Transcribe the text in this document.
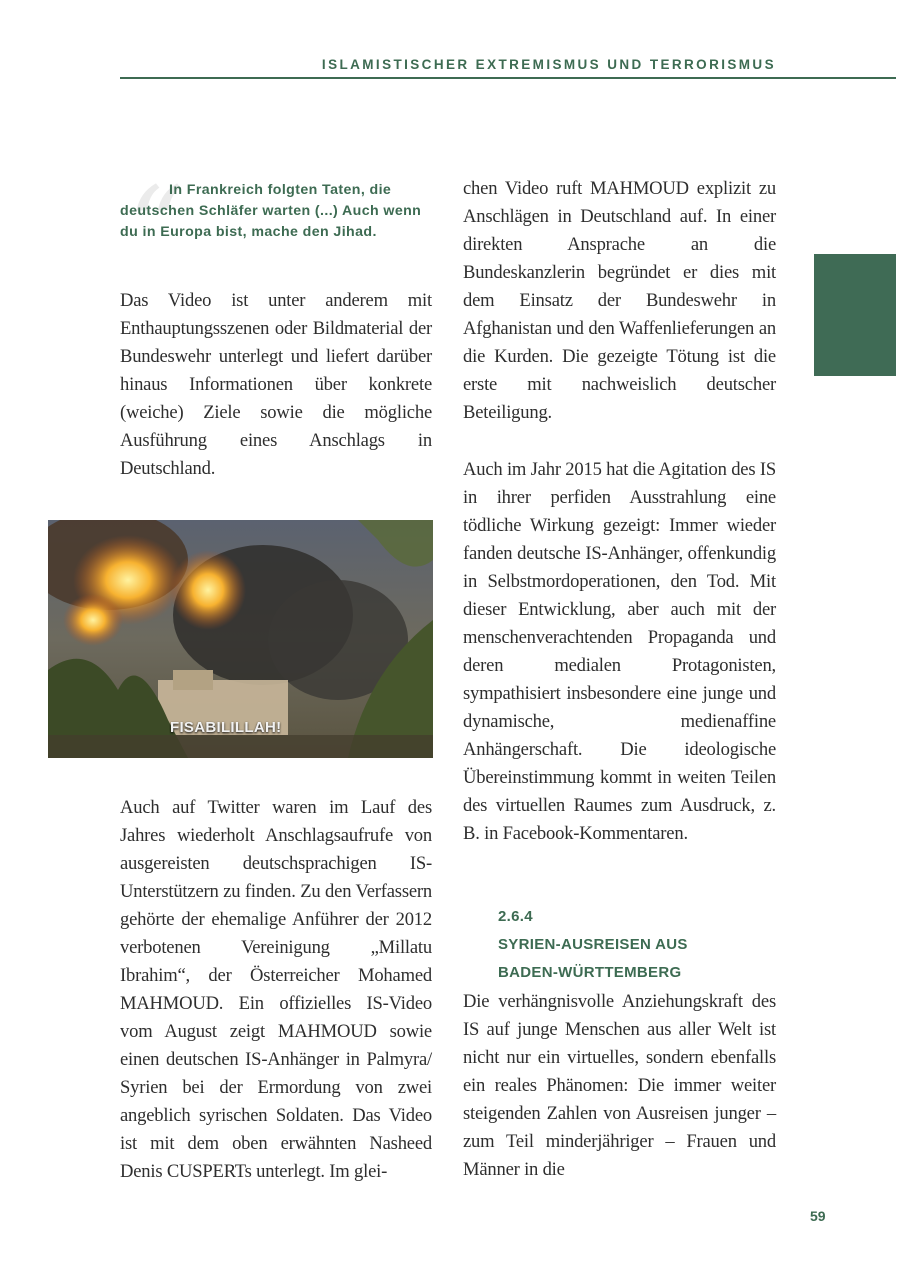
ISLAMISTISCHER EXTREMISMUS UND TERRORISMUS
“

In Frankreich folgten Taten, die deutschen Schläfer warten (...) Auch wenn du in Europa bist, mache den Jihad.

Das Video ist unter anderem mit Enthauptungsszenen oder Bildmaterial der Bundeswehr unterlegt und liefert darüber hinaus Informationen über konkrete (weiche) Ziele sowie die mögliche Ausführung eines Anschlags in Deutschland.

FISABILILLAH!

Auch auf Twitter waren im Lauf des Jahres wiederholt Anschlagsaufrufe von ausgereisten deutschsprachigen IS-Unterstützern zu finden. Zu den Verfassern gehörte der ehemalige Anführer der 2012 verbotenen Vereinigung „Millatu Ibrahim“, der Österreicher Mohamed MAHMOUD. Ein offizielles IS-Video vom August zeigt MAHMOUD sowie einen deutschen IS-Anhänger in Palmyra/ Syrien bei der Ermordung von zwei angeblich syrischen Soldaten. Das Video ist mit dem oben erwähnten Nasheed Denis CUSPERTs unterlegt. Im glei-

chen Video ruft MAHMOUD explizit zu Anschlägen in Deutschland auf. In einer direkten Ansprache an die Bundeskanzlerin begründet er dies mit dem Einsatz der Bundeswehr in Afghanistan und den Waffenlieferungen an die Kurden. Die gezeigte Tötung ist die erste mit nachweislich deutscher Beteiligung.

Auch im Jahr 2015 hat die Agitation des IS in ihrer perfiden Ausstrahlung eine tödliche Wirkung gezeigt: Immer wieder fanden deutsche IS-Anhänger, offenkundig in Selbstmordoperationen, den Tod. Mit dieser Entwicklung, aber auch mit der menschenverachtenden Propaganda und deren medialen Protagonisten, sympathisiert insbesondere eine junge und dynamische, medienaffine Anhängerschaft. Die ideologische Übereinstimmung kommt in weiten Teilen des virtuellen Raumes zum Ausdruck, z. B. in Facebook-Kommentaren.

2.6.4
SYRIEN-AUSREISEN AUS
BADEN-WÜRTTEMBERG

Die verhängnisvolle Anziehungskraft des IS auf junge Menschen aus aller Welt ist nicht nur ein virtuelles, sondern ebenfalls ein reales Phänomen: Die immer weiter steigenden Zahlen von Ausreisen junger – zum Teil minderjähriger – Frauen und Männer in die

59
